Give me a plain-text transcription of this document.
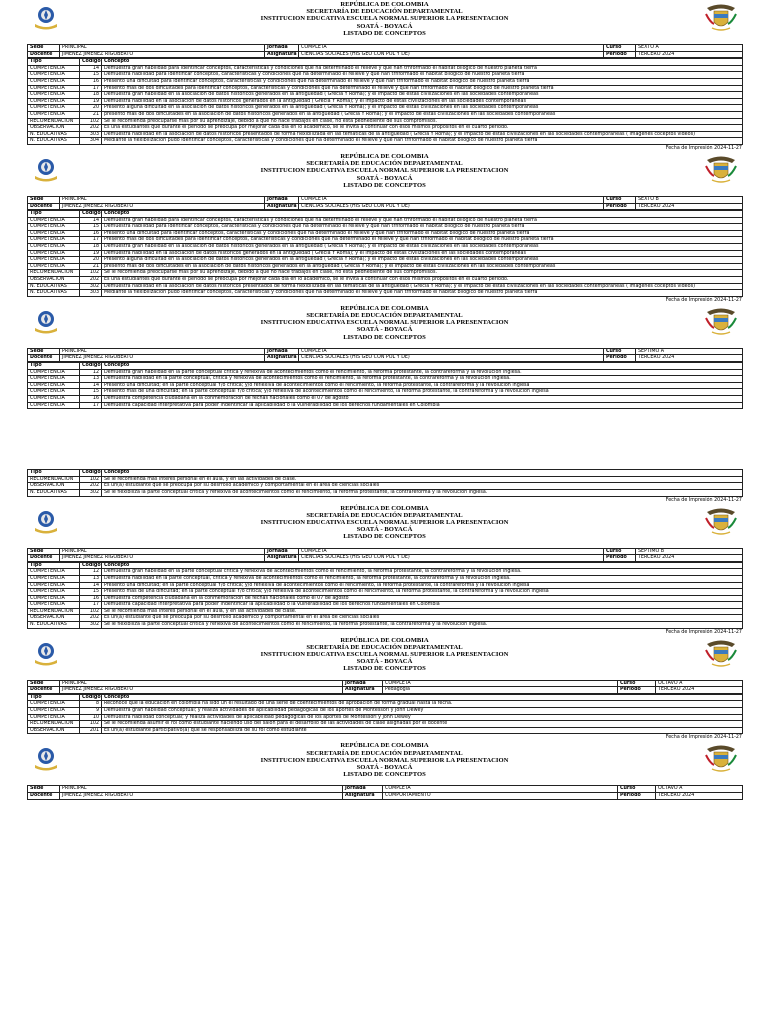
REPÚBLICA DE COLOMBIA
SECRETARÍA DE EDUCACIÓN DEPARTAMENTAL
INSTITUCION EDUCATIVA ESCUELA NORMAL SUPERIOR LA PRESENTACION
SOATÁ - BOYACÁ
LISTADO DE CONCEPTOS
Sede	PRINCIPAL	Jornada	COMPLETA	Curso	SEXTO A
Docente	JIMENEZ JIMENEZ RIGOBERTO	Asignatura	CIENCIAS SOCIALES (HIS GEO CON POL Y DE)	Periodo	TERCERO 2024
Tipo	Código	Concepto
COMPETENCIA	14	Demuestra gran habilidad para identificar conceptos, características y condiciones que ha determinado el relieve y que han trnformado el habitat bilogico de nuestro planeta tierra
COMPETENCIA	15	Demuestra habilidad para identificar conceptos, características y condiciones que ha determinado el relieve y que han trnformado el habitat bilogico de nuestro planeta tierra
COMPETENCIA	16	Presento una dificultad para identificar conceptos, características y condiciones que ha determinado el relieve y que han trnformado el habitat bilogico de nuestro planeta tierra
COMPETENCIA	17	Presento mas de dos dificultades para identificar conceptos, características y condiciones que ha determinado el relieve y que han trnformado el habitat bilogico de nuestro planeta tierra
COMPETENCIA	18	Demuestra gran habilidad en la asociacion de datos históricos generados en la antiguedad ( Grecia Y Roma); y el impacto de estas civilizaciones en las sociedades contemporáneas
COMPETENCIA	19	Demuestra habilidad en la asociacion de datos históricos generados en la antiguedad ( Grecia Y Roma); y el impacto de estas civilizaciones en las sociedades contemporáneas
COMPETENCIA	20	Presento alguna dificultad en la asociacion de datos históricos generados en la antiguedad ( Grecia Y Roma); y el impacto de estas civilizaciones en las sociedades contemporáneas
COMPETENCIA	21	presento mas de dos dificultades en la asociacion de datos históricos generados en la antiguedad ( Grecia Y Roma); y el impacto de estas civilizaciones en las sociedades contemporáneas
RECOMENDACION	102	Se le recomienda preocuparse mas por su aprendizaje, debido a que no hace trabajos en clase, no esta pednediente de sus compromisos.
OBSERVACION	202	Es una estudiantes que durante el periodo se preocupa por mejorar cada dia en lo academico, se le invita a continuar con esos mismos propósitos en el cuarto periodo.
N. EDUCATIVAS	303	Demuestra habilidad en la asociacion de datos históricos presentados de forma flexibilizada en las tematicas de la antiguedad ( Grecia Y Roma); y el impacto de estas civilizaciones en las sociedades contemporáneas ( imagenes coceptos videos)
N. EDUCATIVAS	304	Mediante la flexibilizacion pudo identificar conceptos, características y condiciones que ha determinado el relieve y que han trnformado el habitat bilogico de nuestro planeta tierra
Fecha de Impresión 2024-11-27
REPÚBLICA DE COLOMBIA
SECRETARÍA DE EDUCACIÓN DEPARTAMENTAL
INSTITUCION EDUCATIVA ESCUELA NORMAL SUPERIOR LA PRESENTACION
SOATÁ - BOYACÁ
LISTADO DE CONCEPTOS
Sede	PRINCIPAL	Jornada	COMPLETA	Curso	SEXTO B
Docente	JIMENEZ JIMENEZ RIGOBERTO	Asignatura	CIENCIAS SOCIALES (HIS GEO CON POL Y DE)	Periodo	TERCERO 2024
Tipo	Código	Concepto
COMPETENCIA	14	Demuestra gran habilidad para identificar conceptos, características y condiciones que ha determinado el relieve y que han trnformado el habitat bilogico de nuestro planeta tierra
COMPETENCIA	15	Demuestra habilidad para identificar conceptos, características y condiciones que ha determinado el relieve y que han trnformado el habitat bilogico de nuestro planeta tierra
COMPETENCIA	16	Presento una dificultad para identificar conceptos, características y condiciones que ha determinado el relieve y que han trnformado el habitat bilogico de nuestro planeta tierra
COMPETENCIA	17	Presento mas de dos dificultades para identificar conceptos, características y condiciones que ha determinado el relieve y que han trnformado el habitat bilogico de nuestro planeta tierra
COMPETENCIA	18	Demuestra gran habilidad en la asociacion de datos históricos generados en la antiguedad ( Grecia Y Roma); y el impacto de estas civilizaciones en las sociedades contemporáneas
COMPETENCIA	19	Demuestra habilidad en la asociacion de datos históricos generados en la antiguedad ( Grecia Y Roma); y el impacto de estas civilizaciones en las sociedades contemporáneas
COMPETENCIA	20	Presento alguna dificultad en la asociacion de datos históricos generados en la antiguedad ( Grecia Y Roma); y el impacto de estas civilizaciones en las sociedades contemporáneas
COMPETENCIA	21	presento mas de dos dificultades en la asociacion de datos históricos generados en la antiguedad ( Grecia Y Roma); y el impacto de estas civilizaciones en las sociedades contemporáneas
RECOMENDACION	102	Se le recomienda preocuparse mas por su aprendizaje, debido a que no hace trabajos en clase, no esta pednediente de sus compromisos.
OBSERVACION	202	Es una estudiantes que durante el periodo se preocupa por mejorar cada dia en lo academico, se le invita a continuar con esos mismos propósitos en el cuarto periodo.
N. EDUCATIVAS	302	Demuestra habilidad en la asociacion de datos históricos presentados de forma flexibilizada en las tematicas de la antiguedad ( Grecia Y Roma); y el impacto de estas civilizaciones en las sociedades contemporáneas ( imagenes coceptos videos)
N. EDUCATIVAS	303	Mediante la flexibilizacion pudo identificar conceptos, características y condiciones que ha determinado el relieve y que han trnformado el habitat bilogico de nuestro planeta tierra
Fecha de Impresión 2024-11-27
REPÚBLICA DE COLOMBIA
SECRETARÍA DE EDUCACIÓN DEPARTAMENTAL
INSTITUCION EDUCATIVA ESCUELA NORMAL SUPERIOR LA PRESENTACION
SOATÁ - BOYACÁ
LISTADO DE CONCEPTOS
Sede	PRINCIPAL	Jornada	COMPLETA	Curso	SEPTIMO A
Docente	JIMENEZ JIMENEZ RIGOBERTO	Asignatura	CIENCIAS SOCIALES (HIS GEO CON POL Y DE)	Periodo	TERCERO 2024
Tipo	Código	Concepto
COMPETENCIA	12	Demuestra gran habilidad en la parte conceptual critica y reflexiva de acontecimientos como el rencimiento, la reforma protestante, la contrareforma y la revolución inglesa.
COMPETENCIA	13	Demuestra habilidad en la parte conceptual, critica y reflexiva de acontecimientos como el rencimiento, la reforma protestante, la contrareforma y la revolución inglesa.
COMPETENCIA	14	Presento una dificultad; en la parte conceptual Y/o critica; y/o reflexiva de acontecimientos como el rencimiento, la reforma protestante, la contrareforma y la revolución inglesa
COMPETENCIA	15	Presento mas de una dificultad; en la parte conceptual Y/o critica; y/o reflexiva de acontecimientos como el rencimiento, la reforma protestante, la contrareforma y la revolución inglesa
COMPETENCIA	16	Demuestra competencia ciudadana en la conmemoración de fechas nacionales como el 07 de agosto
COMPETENCIA	17	Demuestra capacidad interpretativa para poder indentificar la aplicabilidad o la vulnerabilidad de los derechos fundamentales en Colombia
Tipo	Código	Concepto
RECOMENDACION	102	Se le recomienda mas interes personal en el aula, y en las actividades de clase.
OBSERVACION	202	Es un(a) estudiante que se preocupa por su desrrollo académico y comportamental en el área de ciencias sociales
N. EDUCATIVAS	302	Se le flexibiliza la parte conceptual critica y reflexiva de acontecimientos como el rencimiento, la reforma protestante, la contrareforma y la revolución inglesa.
Fecha de Impresión 2024-11-27
REPÚBLICA DE COLOMBIA
SECRETARÍA DE EDUCACIÓN DEPARTAMENTAL
INSTITUCION EDUCATIVA ESCUELA NORMAL SUPERIOR LA PRESENTACION
SOATÁ - BOYACÁ
LISTADO DE CONCEPTOS
Sede	PRINCIPAL	Jornada	COMPLETA	Curso	SEPTIMO B
Docente	JIMENEZ JIMENEZ RIGOBERTO	Asignatura	CIENCIAS SOCIALES (HIS GEO CON POL Y DE)	Periodo	TERCERO 2024
Tipo	Código	Concepto
COMPETENCIA	12	Demuestra gran habilidad en la parte conceptual critica y reflexiva de acontecimientos como el rencimiento, la reforma protestante, la contrareforma y la revolución inglesa.
COMPETENCIA	13	Demuestra habilidad en la parte conceptual, critica y reflexiva de acontecimientos como el rencimiento, la reforma protestante, la contrareforma y la revolución inglesa.
COMPETENCIA	14	Presento una dificultad; en la parte conceptual Y/o critica; y/o reflexiva de acontecimientos como el rencimiento, la reforma protestante, la contrareforma y la revolución inglesa
COMPETENCIA	15	Presento mas de una dificultad; en la parte conceptual Y/o critica; y/o reflexiva de acontecimientos como el rencimiento, la reforma protestante, la contrareforma y la revolución inglesa
COMPETENCIA	16	Demuestra competencia ciudadana en la conmemoración de fechas nacionales como el 07 de agosto
COMPETENCIA	17	Demuestra capacidad interpretativa para poder indentificar la aplicabilidad o la vulnerabilidad de los derechos fundamentales en Colombia
RECOMENDACION	102	Se le recomienda mas interes personal en el aula, y en las actividades de clase.
OBSERVACION	202	Es un(a) estudiante que se preocupa por su desrrollo académico y comportamental en el área de ciencias sociales
N. EDUCATIVAS	302	Se le flexibiliza la parte conceptual critica y reflexiva de acontecimientos como el rencimiento, la reforma protestante, la contrareforma y la revolución inglesa.
Fecha de Impresión 2024-11-27
REPÚBLICA DE COLOMBIA
SECRETARÍA DE EDUCACIÓN DEPARTAMENTAL
INSTITUCION EDUCATIVA ESCUELA NORMAL SUPERIOR LA PRESENTACION
SOATÁ - BOYACÁ
LISTADO DE CONCEPTOS
Sede	PRINCIPAL	Jornada	COMPLETA	Curso	OCTAVO A
Docente	JIMENEZ JIMENEZ RIGOBERTO	Asignatura	Pedagogia	Periodo	TERCERO 2024
Tipo	Código	Concepto
COMPETENCIA	8	Reconoce que la educacion en colombia ha sido un el resultado de una serie de coentecimientos de aprobacion de forma gradual hasta la fecha.
COMPETENCIA	9	Demuestra gran habilidad conceptual; y realiza actividades de aplicabilidad pedagógicas de los aportes de Montessori y John Dewey
COMPETENCIA	10	Demuestra habilidad conceptual; y realiza actividades de aplicabilidad pedagógicas de los aportes de Montessori y John Dewey
RECOMENDACION	102	Se le recomienda asumir el rol como estudiante haciendo uso del salon para el desarrollo de las actividades de clase asignadas por el docente
OBSERVACION	201	Es un(a) estudiante participativo(a) que se responsabiliza de su rol como estudiante
Fecha de Impresión 2024-11-27
REPÚBLICA DE COLOMBIA
SECRETARÍA DE EDUCACIÓN DEPARTAMENTAL
INSTITUCION EDUCATIVA ESCUELA NORMAL SUPERIOR LA PRESENTACION
SOATÁ - BOYACÁ
LISTADO DE CONCEPTOS
Sede	PRINCIPAL	Jornada	COMPLETA	Curso	OCTAVO A
Docente	JIMENEZ JIMENEZ RIGOBERTO	Asignatura	COMPORTAMIENTO	Periodo	TERCERO 2024
